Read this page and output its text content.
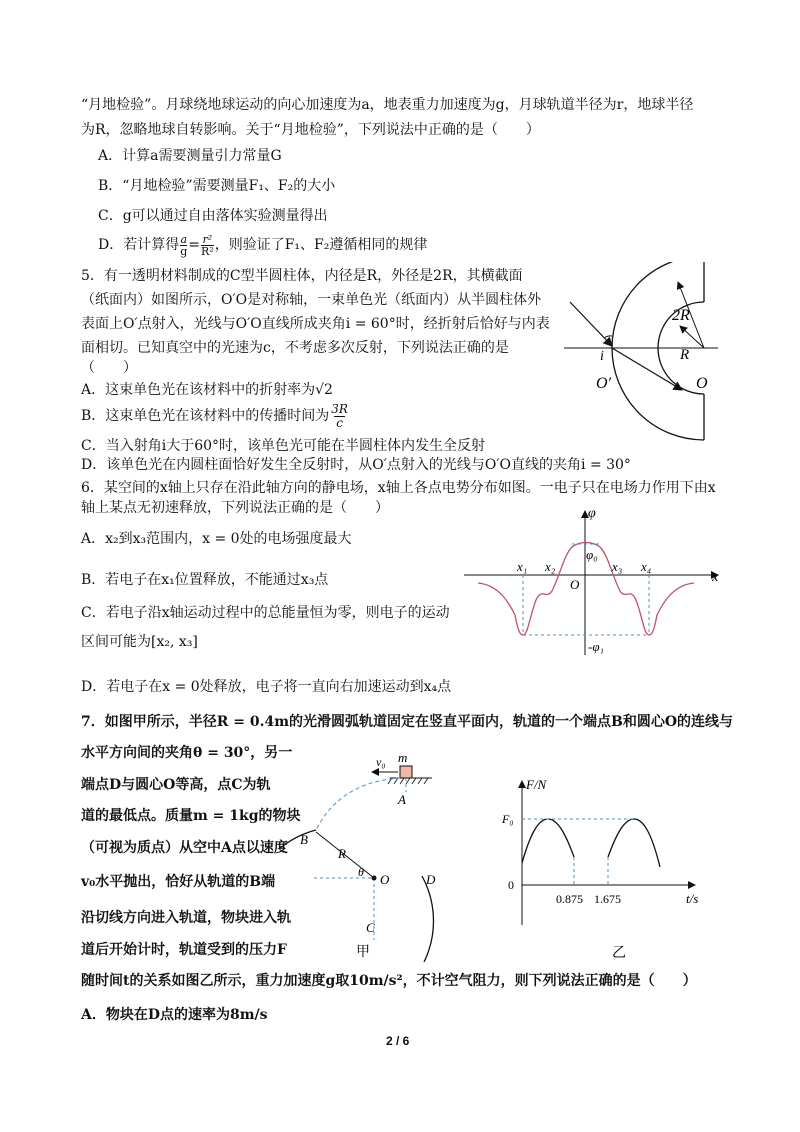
“月地检验”。月球绕地球运动的向心加速度为a，地表重力加速度为g，月球轨道半径为r，地球半径
为R，忽略地球自转影响。关于“月地检验”，下列说法中正确的是（　　）
A．计算a需要测量引力常量G
B．“月地检验”需要测量F₁、F₂的大小
C．g可以通过自由落体实验测量得出
D．若计算得 $\frac{a}{g} = \frac{\text{r²}}{\text{R²}}$ ，则验证了F₁、F₂遵循相同的规律
5．有一透明材料制成的C型半圆柱体，内径是R，外径是2R，其横截面
（纸面内）如图所示，O′O是对称轴，一束单色光（纸面内）从半圆柱体外
表面上O′点射入，光线与O′O直线所成夹角i = 60°时，经折射后恰好与内表
面相切。已知真空中的光速为c，不考虑多次反射，下列说法正确的是
（　　）
A．这束单色光在该材料中的折射率为√2
B．这束单色光在该材料中的传播时间为 $\frac{3R}{c}$
C．当入射角i大于60°时，该单色光可能在半圆柱体内发生全反射
D．该单色光在内圆柱面恰好发生全反射时，从O′点射入的光线与O′O直线的夹角i = 30°
2R
R
i
O′	O
6．某空间的x轴上只存在沿此轴方向的静电场，x轴上各点电势分布如图。一电子只在电场力作用下由x
轴上某点无初速释放，下列说法正确的是（　　）
A．x₂到x₃范围内，x = 0处的电场强度最大
B．若电子在x₁位置释放，不能通过x₃点
C．若电子沿x轴运动过程中的总能量恒为零，则电子的运动
区间可能为[x₂, x₃]
D．若电子在x = 0处释放，电子将一直向右加速运动到x₄点
φ
x
x₁ x₂	x₃ x₄
φ₀
-φ₁
O
7．如图甲所示，半径R = 0.4m的光滑圆弧轨道固定在竖直平面内，轨道的一个端点B和圆心O的连线与
水平方向间的夹角θ = 30°，另一
端点D与圆心O等高，点C为轨
道的最低点。质量m = 1kg的物块
（可视为质点）从空中A点以速度
v₀水平抛出，恰好从轨道的B端
沿切线方向进入轨道，物块进入轨
道后开始计时，轨道受到的压力F
随时间t的关系如图乙所示，重力加速度g取10m/s²，不计空气阻力，则下列说法正确的是（　　）
A．物块在D点的速率为8m/s
m
v₀
A
B
R
θ O	D
C
甲
F/N
F₀
0
0.875 1.675	t/s
乙
2 / 6
